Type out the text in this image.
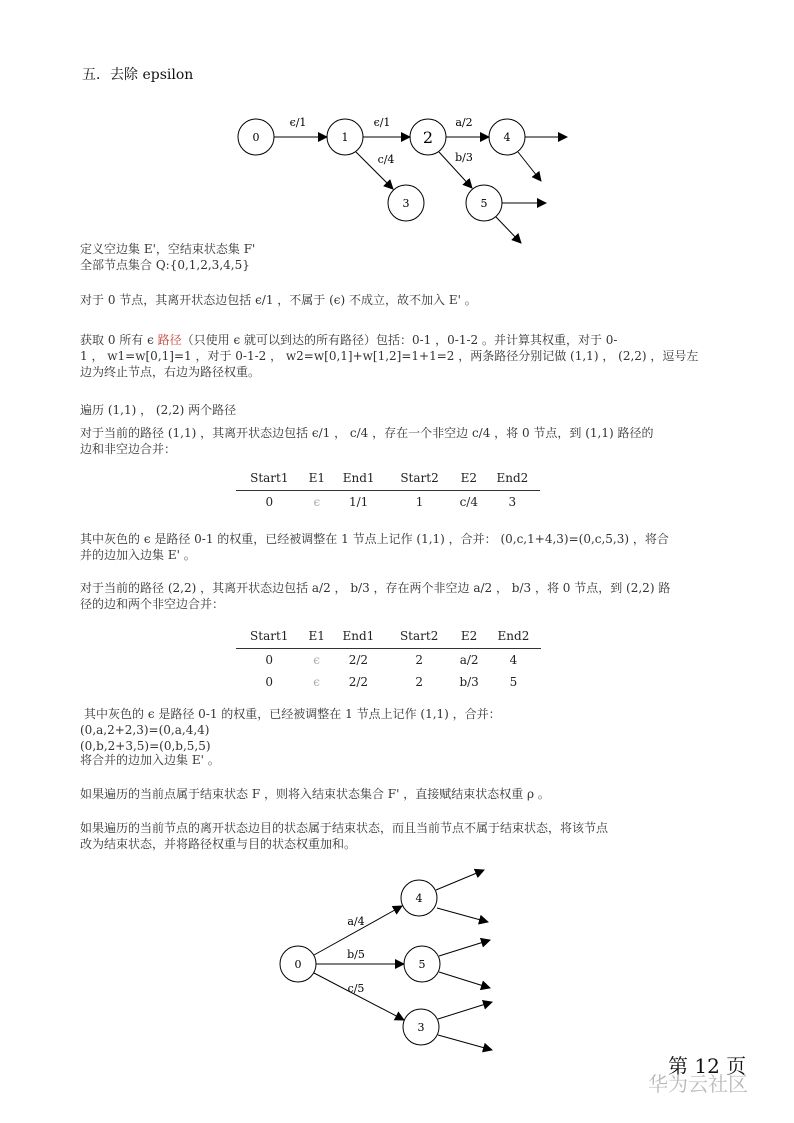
五．去除 epsilon
0	1	2
3
4
5
ϵ/1	ϵ/1
c/4
a/2
b/3
定义空边集 E'，空结束状态集 F'
全部节点集合 Q:{0,1,2,3,4,5}
对于 0 节点，其离开状态边包括 ϵ/1 ，不属于 (ϵ) 不成立，故不加入 E' 。
获取 0 所有 ϵ 路径（只使用 ϵ 就可以到达的所有路径）包括：0-1 ，0-1-2 。并计算其权重，对于 0-
1 ， w1=w[0,1]=1 ，对于 0-1-2 ， w2=w[0,1]+w[1,2]=1+1=2 ，两条路径分别记做 (1,1) ， (2,2) ，逗号左
边为终止节点，右边为路径权重。
遍历 (1,1) ， (2,2) 两个路径
对于当前的路径 (1,1) ，其离开状态边包括 ϵ/1 ， c/4 ，存在一个非空边 c/4 ，将 0 节点，到 (1,1) 路径的
边和非空边合并：
Start1	E1	End1	Start2	E2	End2
0	ϵ	1/1	1	c/4	3
其中灰色的 ϵ 是路径 0-1 的权重，已经被调整在 1 节点上记作 (1,1) ，合并： (0,c,1+4,3)=(0,c,5,3) ，将合
并的边加入边集 E' 。
对于当前的路径 (2,2) ，其离开状态边包括 a/2 ， b/3 ，存在两个非空边 a/2 ， b/3 ，将 0 节点，到 (2,2) 路
径的边和两个非空边合并：
Start1	E1	End1	Start2	E2	End2
0	ϵ	2/2	2	a/2	4
0	ϵ	2/2	2	b/3	5
其中灰色的 ϵ 是路径 0-1 的权重，已经被调整在 1 节点上记作 (1,1) ，合并：
(0,a,2+2,3)=(0,a,4,4)
(0,b,2+3,5)=(0,b,5,5)
将合并的边加入边集 E' 。
如果遍历的当前点属于结束状态 F ，则将入结束状态集合 F' ，直接赋结束状态权重 ρ 。
如果遍历的当前节点的离开状态边目的状态属于结束状态，而且当前节点不属于结束状态，将该节点
改为结束状态，并将路径权重与目的状态权重加和。
0
4
5
3
a/4
b/5
c/5
第 12 页
华为云社区
